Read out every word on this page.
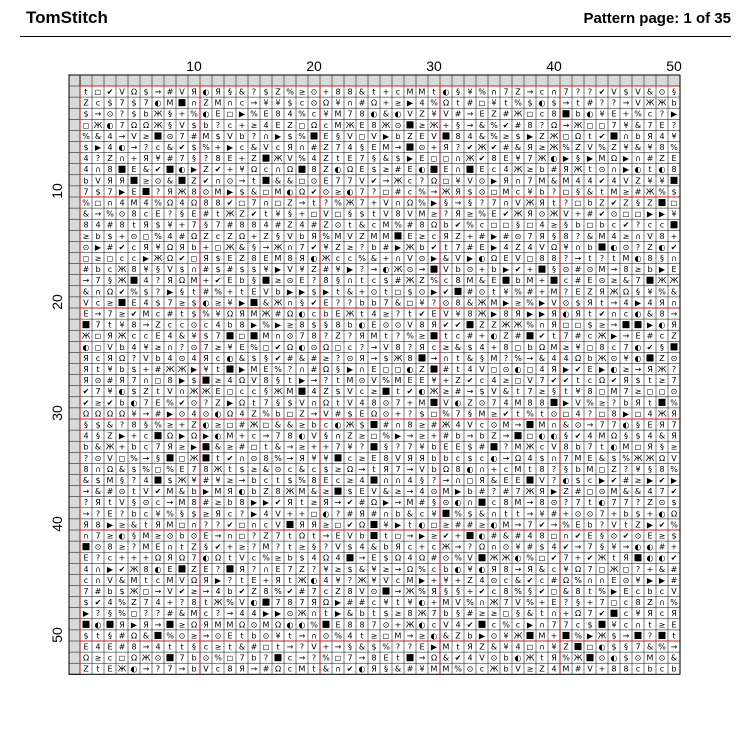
TomStitch	Pattern page: 1 of 35
10	20	30	40	50
10
20
30
40
50
t ◻ ✔ V Ω $ → # V Я ◐ Я § & ? $ Z % ≥ ⊙ + 8 8 & t + c M M t ◐ § ¥ % ∩ 7 Z → c ∩ 7 ? ? ✔ V $ V & ⊙ §
Z c $ 7 $ 7 ◐ M ∩ Z M ∩ c → ¥ ¥ $ c ⊙ Ω ¥ ∩ # Ω + ≥ ▶ 4 % Ω t # ◻ ¥ t % $ ◐ $ → t # ? ? → V Ж Ж b
$ → ⊙ ? $ b Ж § + % ◐ E ◻ ▶ % E 8 4 % c ¥ M 7 8 ◐ & ◐ V Z ¥ V # → E Z # Ж ◻ c 8 b ◐ ¥ E + % c ? ▶
◻ Ж ◐ 7 Ω Ω Ж § V $ b ? c + ≥ 4 E Z ◻ Ω c M Ж E 8 Ж ⊙ ≥ Ж + § → & % ✔ # 8 ? Ω → Ж ◻ ◻ 7 ¥ & 7 E ?
% & 4 → V ≥ ⊙ 7 # M $ V b ? ∩ ▶ $ % E § V ◻ V ▶ b Z E V 8 4 & % ≥ $ ▶ Z Ж ◻ Ω t ✔ ∩ b Я 4 ¥
$ ▶ 4 ◐ → ? c & ✔ $ % + ▶ c & V c Я ∩ # Z 7 4 § E M → ⊙ + Я ? ✔ Ж ✔ # & Я ≥ Ж % Z V % Z ¥ & ¥ 8 %
4 ? Z ∩ + Я ¥ # 7 § ? 8 E + Z Ж V % 4 Z t E 7 § & $ ▶ E ◻ ◻ ∩ Ж ✔ 8 E ¥ 7 Ж ◐ ▶ § ▶ M Ω ▶ ∩ # Z E
4 ∩ 8 E & ✔ ◐ ▶ Z ✔ + ¥ Ω c ∩ Ω 8 Z ◐ Ω E $ ≥ # E ◐ E ∩ E c 4 Ж ≥ b # Я Ж t ⊙ ∩ ▶ ◐ t ◐ 8
b V Я Я ≥ ⊙ & Z ✔ ∩ ⊙ → t & & ◻ ⊙ E 7 7 V ✔ → Ж c ? Ω ◻ ¥ V ⊙ ▶ Я ∩ 7 M & M 4 4 ✔ 4 V Z ¥ ¥
7 $ 7 ▶ E ? Я Ж 8 ⊙ M ▶ $ & ◻ M ◐ Ω ✔ ⊙ ≥ ◐ 7 ? ◻ # c % → Ж Я $ ⊙ ◻ M c ¥ b ? ◻ § & t M ≥ # Ж % $
% ◻ ∩ 4 M 4 % Ω 4 Ω 8 8 ✔ ◻ 7 ∩ ◻ Z → t ? % Ж 7 + V ∩ Ω % ▶ § → § ? 7 ∩ V Ж Я t ? ◻ b Z ✔ Z § Z ◻
& → % ⊙ 8 c E ? § E # t Ж Z ✔ t ¥ § + ◻ V ◻ § $ t V 8 V M ≥ ? Я ≥ % E ✔ Ж Я ⊙ Ж V + # ✔ ⊙ ◻ ◻ ▶ ▶ ¥
8 4 # 8 t Я $ ¥ + 7 § 7 # 8 8 4 # Z 4 # Z ⊙ t & c M % # 8 Ω b ✔ % c ◻ ◻ § ◻ 4 ≥ § b ◻ b c ✔ ? c c
≥ b $ + ⊙ ◻ % 4 # Ω Z c Z Ω + Z § V b Я % M V Z M M E ≥ c Я Z + # ▶ # ⊙ 7 Я § 8 ? & M 4 ≥ ∩ V 8 +
⊙ ▶ # ✔ c Я ¥ Ω Я b + ◻ Ж & § → Ж ∩ 7 ✔ ¥ Z ≥ ? b # ▶ Ж b ✔ t 7 # E ▶ 4 Z 4 V Ω ¥ ∩ b ◐ ⊙ ? Z ◐ ✔
◻ ≥ ◻ c c ▶ Ж Ω ✔ ◻ Я $ E Z 8 E M 8 Я ◐ Ж c c % & + ∩ V ⊙ ▶ & V ▶ ◐ Ω E V ◻ 8 8 ? → t ? t M ◐ 8 § ∩
# b c Ж 8 ¥ § V $ ∩ # $ # $ $ ¥ ▶ V ¥ Z # ¥ ▶ ? → ◐ Ж ⊙ → V b ⊙ + b ▶ ✔ + § ⊙ # ⊙ M → 8 ≥ b ▶ E
→ 7 § Ж 4 ? Я Ω M + ✔ E b § ≥ ⊙ E ? 8 § ∩ t c $ # Ж Z % c 8 M & E b M + c # E ⊙ ≥ & 7 Ж Ж
& ∩ Ω ✔ % $ ? ▶ § t # % + t E V b ▶ ▶ $ ▶ t & + ⊙ t ◻ $ ⊙ ▶ ✔ # ⊙ t ¥ % # + M ? E Z Я Ж Ω § ¥ % &
V c ≥ E 4 $ 7 ≥ $ ◐ ≥ ¥ ▶ & Ж ∩ § ✔ E ? ? b b 7 & ◻ ¥ ? ⊙ 8 & Ж M ▶ ≥ % ▶ V ⊙ $ Я t → 4 ▶ 4 Я ∩
E → 7 ≥ ✔ M c # t $ % ¥ Ω Я M Ж # Ω ◐ c b E Ж t 4 ≥ ? t ✔ E V ¥ 8 Ж ▶ 8 Я ▶ ▶ Я ◐ Я t ✔ ∩ c ◐ & 8 →
7 t ¥ 8 → Z c c ⊙ c 4 b 8 ▶ % ▶ ≥ 8 $ § 8 b ◐ E ⊙ ⊙ V 8 Я ✔ ✔ Z Z Ж Ж % ∩ Я ◻ ◻ $ ≥ →	▶ ◐ Я
Ж ◻ Я Ж c c E 4 & ¥ $ 7 ◻ M ∩ ⊙ 7 8 ? Z ? Я M t ? % ≥ t c # + ◐ Z # ✔ t 7 # c Ж ▶ → E # c Z
◐ ◻ V b 4 ¥ ≥ ∩ ? ⊙ 7 ≥ ¥ E % ◻ ✔ Ω ◐ ⊙ Ω ◻ c ? → V 8 ? Я c ≥ & $ 4 + 8 ◻ b Ω M ≥ ¥ ◻ 8 c 7 ◐ ✔ §
Я c Я Ω ? V b 4 ⊙ 4 Я c ◐ & $ § ✔ # & # ≥ ? ⊙ Я → $ Ж 8 → ∩ t & § M ? % → & 4 4 Ω b Ж ⊙ ¥ ◐ Z ⊙
Я t ¥ b $ + # Ж Ж ▶ ¥ t ▶ M E % ? ∩ # Ω § ▶ ∩ E ◻ ◻ ◐ Z # t 4 V ◻ ⊙ ◐ ◻ 4 Я ▶ ✔ E ▶ ◐ ≥ → Я Ж ?
Я ⊙ # Я 7 ∩ ◻ 8 ▶ $ ≥ 4 Ω V 8 § t ▶ → ? t M ⊙ V % M E E ¥ + Z ✔ c 4 ≥ ◻ V 7 ✔ ✔ t c Ω ✔ Я $ t ≥ 7
✔ 7 ¥ ◐ $ Z t V ∩ Ж Ж E ◻ c c § Ж M 4 Z $ V c ≥ t ✔ ◐ Ж ≥ # → $ V & t 7 ≥ § t ¥ 8 ◻ M 7 ≥ ◻ ◻ ⊙
✔ ≥ ✔ b ◐ 7 E % ✔ ⊙ ? Z ▶ Ω t 7 § $ V ∩ Ω t V 4 8 ⊙ 7 + M V ◐ Z ⊙ 7 4 M 8 8 ▶ V % ≥ ? b Я t %
Ω Ω Ω Ω ¥ → # ▶ ⊙ 4 ⊙ ◐ Ω 4 Z % b ◻ Z → V # $ E Ω ⊙ + ? $ ◻ % 7 § M ≥ ✔ t % t ⊙ ◻ 4 ? ◻ 8 ▶ ◻ 4 Ж Я
§ $ & ? 8 § % ≥ + Z ◐ ≥ ◻ # Ж ◻ & & ≥ b c ◐ Ж $ # ∩ 8 ≥ # Ж 4 V c ⊙ M → M ∩ & ⊙ → 7 7 ◐ § E Я 7
4 § Z ▶ + c Ω ▶ Ω ▶ ◐ M + c → 7 8 ◐ V § ∩ Z ≥ ◻ % ▶ → ≥ + # b → b Z → ◻ ◐ ◐ § ✔ 4 M Ω § $ 4 & Я
b & Ж + b c 7 Я ≥ ▶ & ≥ # ◻ t & → ≥ + + 7 ¥ ? § ? 7 ¥ b E E $ # ? M Ж c V 8 b 7 t ◐ M ◻ Я § ≥
? ⊙ V ◻ % → § ◻ Ж t ✔ ∩ ⊙ 8 % → Я ¥ ¥ c ≥ E 8 V Я Я b b c $ c ◐ → Ω 4 $ ∩ 7 M E & $ % Ж Ж Ω V
8 ∩ Ω & $ % ◻ % E 7 8 Ж t $ ≥ & ⊙ c & c $ ≥ Ω → t Я 7 → V b Ω 8 ◐ ∩ + c M t 8 ? § b M ◻ Z ? ¥ § 8 %
& $ M § ? 4 $ Ж ¥ # ¥ ≥ → b c t $ % 8 E c ≥ 4 ∩ ∩ 4 § ? → ∩ ◻ Я & E E V ? ◐ $ c ▶ ✔ # ≥ ▶ ✔ ▶
→ & # ⊙ t V ✔ M & b ▶ M Я ◐ b Z 8 Ж M & ≥ $ E V & ≥ → 4 ⊙ M ▶ b # ? # 7 Ж Я ▶ Z # ◻ ⊙ M & & 4 7 ✔
? Я t V § ⊙ c → M 8 # ≥ b 8 ▶ ▶ ✔ Я t ≥ Я → ✔ # Ω ▶ → M # § ⊙ ◐ ∩ c 8 M → 8 ⊙ ? 7 t ◐ 7 7 ? Z ⊙ $
→ ? E ? b c ¥ % § $ ≥ Я c ? ▶ 4 V + + ◻ ◐ ? # Я # ∩ b & c ¥ % $ & ∩ t t → ¥ # + ⊙ ⊙ 7 + b $ + ◐ Ω
Я 8 ▶ ≥ & t Я M ◻ ∩ ? ? ✔ ◻ ∩ c V Я Я ≥ ◻ ✔ Ω ¥ ▶ t ◐ ◻ ≥ # # ≥ ◐ M → 7 ✔ → % E b ? V t Z ▶ ✔ %
∩ 7 ≥ ◐ § M ≥ ⊙ b ⊙ E → ∩ ◻ ? Z 7 t Ω t → E V b t ◻ → ▶ ≥ ✔ + ◐ # & # 4 8 ◻ ∩ ✔ E § ⊙ ✔ ⊙ E ≥ $
⊙ 8 ≥ ? M E ∩ t Z § ✔ + ≥ ? M ? t ≥ § ? V $ 4 & b Я c + c Ж → ? Ω ∩ ⊙ ¥ # $ 4 ✔ → 7 § ¥ → ◐ ◐ # +
E ? c + + + Ω Я Ω 7 ◐ Ω t V c % ≥ b $ 4 Ω 4 → E $ Ω 4 Ω # ⊙ % V Ж Ж ◐ % ◻ ✔ 7 + ✔ Ж t Я ◐ ◐ ✔
4 ∩ ▶ ✔ Ж 8 ◐ E Z E ? Я ? ∩ E 7 Z ? ¥ ≥ $ & ¥ ≥ → Ω % c b ◐ ¥ ◐ Я 8 → Я & c ¥ Ω 7 ◻ Ж ◻ ? + & #
c ∩ V & M t c M V Ω Я ▶ ? t E + Я t Ж ◐ 4 ¥ ? Ж ¥ V c M ▶ + ¥ + Z 4 ⊙ c & ✔ c # Ω % ∩ ∩ E ⊙ ¥ ▶ ▶ #
7 # b $ Ж ◻ → V ✔ ≥ → 4 b ✔ Z 8 % ✔ # 7 c Z 8 V ⊙ → Ж % Я § § + ✔ c 8 % § ✔ ◻ & 8 t % ▶ E c b c V
$ ✔ 4 % Z 7 4 + ? 8 t Ж % V ◐ 7 8 7 Я Ω ▶ # # c ¥ t ¥ ◐ + M V % ∩ Ж 7 V % + E ? § + 7 ◻ c 8 Z ∩ %
▶ ? § % ◻ ? ? # & M c ? → 4 4 ▶ ▶ ⊙ Ж ∩ t ▶ & b t $ ≥ 8 Ж 7 b § # ≥ ≥ ◻ § & t ∩ + Ω 7 ✔ c ¥ Я c Я
◐ Я ▶ Я → ≥ Ω Я M M Ω ⊙ M Ω ◐ ◐ % E 8 8 7 ⊙ + Ж ◐ c V 4 ✔ c % c ▶ ∩ 7 7 c $ ¥ c ∩ t ≥ E
$ t § # Ω & % ⊙ ≥ → ⊙ E t b ⊙ ¥ t → ∩ ⊙ % 4 t ≥ ◻ M → ≥ ◐ & Z b ▶ ⊙ ¥ Ж M + % ▶ Ж $ → ?	t
E 4 E # 8 → 4 t t § c ≥ t & # ◻ t → ? V + → § & $ % ? ? E ▶ M t Я Z & ¥ 4 ◻ ∩ ¥ Z ◻ ◐ $ § 7 & % →
Ω ≥ c ◻ Ω Ж ⊙ 7 b ⊙ % ◻ 7 b ? c → ? % ◻ 7 → 8 E t → Ω & ✔ 4 V ⊙ b ◐ Ж t Я % Ж ⊙ ◐ $ ⊙ M ⊙ &
Z t E Ж ◐ → ? 7 → b V c 8 Я → # Ω c M t & ∩ ✔ ◐ Я § & # ¥ M M % ⊙ c Ж b V ≥ Z 4 M # V + 8 8 c b c b
